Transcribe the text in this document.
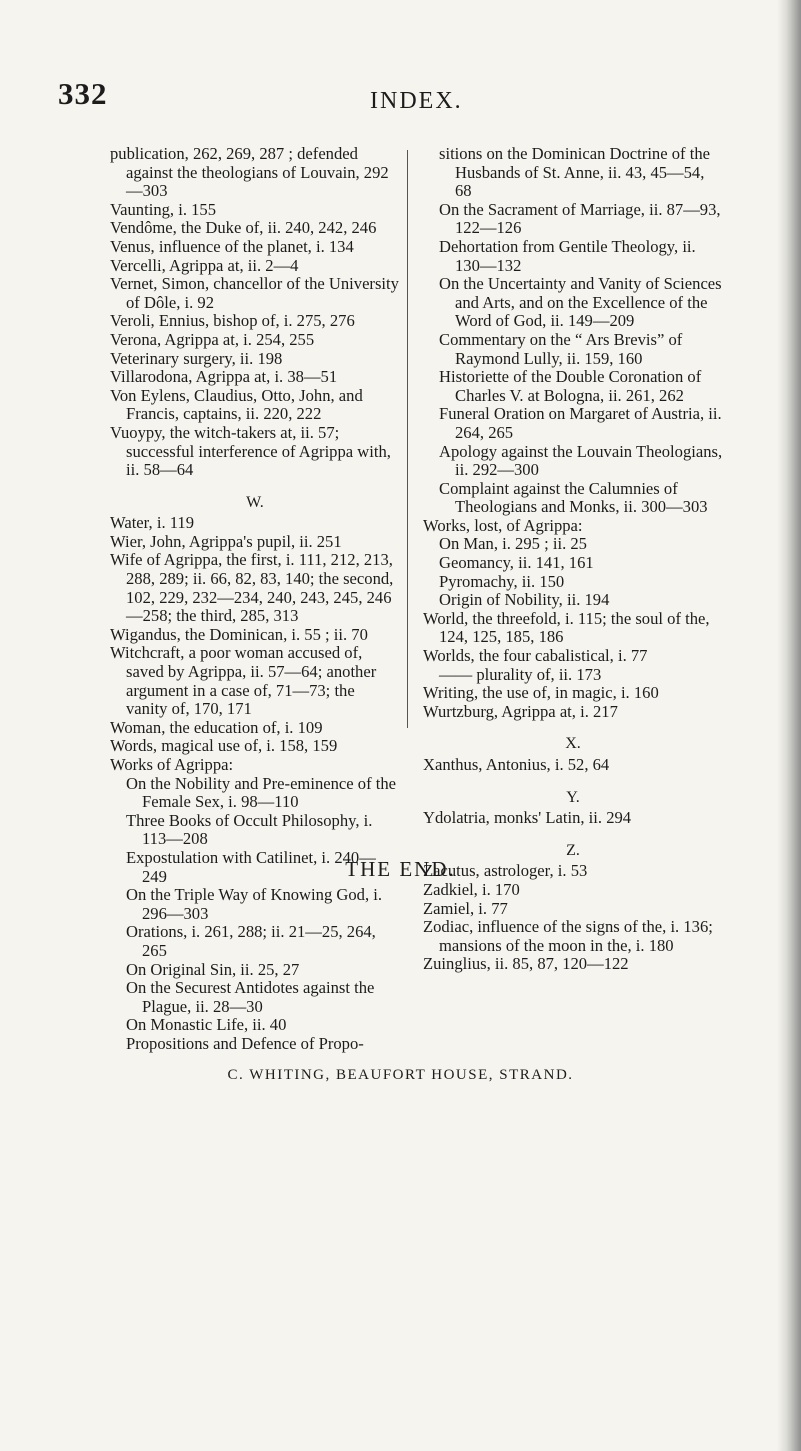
332	INDEX.
publication, 262, 269, 287 ; defended against the theologians of Louvain, 292—303
Vaunting, i. 155
Vendôme, the Duke of, ii. 240, 242, 246
Venus, influence of the planet, i. 134
Vercelli, Agrippa at, ii. 2—4
Vernet, Simon, chancellor of the University of Dôle, i. 92
Veroli, Ennius, bishop of, i. 275, 276
Verona, Agrippa at, i. 254, 255
Veterinary surgery, ii. 198
Villarodona, Agrippa at, i. 38—51
Von Eylens, Claudius, Otto, John, and Francis, captains, ii. 220, 222
Vuoypy, the witch-takers at, ii. 57; successful interference of Agrippa with, ii. 58—64
W.
Water, i. 119
Wier, John, Agrippa's pupil, ii. 251
Wife of Agrippa, the first, i. 111, 212, 213, 288, 289; ii. 66, 82, 83, 140; the second, 102, 229, 232—234, 240, 243, 245, 246—258; the third, 285, 313
Wigandus, the Dominican, i. 55 ; ii. 70
Witchcraft, a poor woman accused of, saved by Agrippa, ii. 57—64; another argument in a case of, 71—73; the vanity of, 170, 171
Woman, the education of, i. 109
Words, magical use of, i. 158, 159
Works of Agrippa:
On the Nobility and Pre-eminence of the Female Sex, i. 98—110
Three Books of Occult Philosophy, i. 113—208
Expostulation with Catilinet, i. 240—249
On the Triple Way of Knowing God, i. 296—303
Orations, i. 261, 288; ii. 21—25, 264, 265
On Original Sin, ii. 25, 27
On the Securest Antidotes against the Plague, ii. 28—30
On Monastic Life, ii. 40
Propositions and Defence of Propo-
sitions on the Dominican Doctrine of the Husbands of St. Anne, ii. 43, 45—54, 68
On the Sacrament of Marriage, ii. 87—93, 122—126
Dehortation from Gentile Theology, ii. 130—132
On the Uncertainty and Vanity of Sciences and Arts, and on the Excellence of the Word of God, ii. 149—209
Commentary on the “ Ars Brevis” of Raymond Lully, ii. 159, 160
Historiette of the Double Coronation of Charles V. at Bologna, ii. 261, 262
Funeral Oration on Margaret of Austria, ii. 264, 265
Apology against the Louvain Theologians, ii. 292—300
Complaint against the Calumnies of Theologians and Monks, ii. 300—303
Works, lost, of Agrippa:
On Man, i. 295 ; ii. 25
Geomancy, ii. 141, 161
Pyromachy, ii. 150
Origin of Nobility, ii. 194
World, the threefold, i. 115; the soul of the, 124, 125, 185, 186
Worlds, the four cabalistical, i. 77
—— plurality of, ii. 173
Writing, the use of, in magic, i. 160
Wurtzburg, Agrippa at, i. 217
X.
Xanthus, Antonius, i. 52, 64
Y.
Ydolatria, monks' Latin, ii. 294
Z.
Zacutus, astrologer, i. 53
Zadkiel, i. 170
Zamiel, i. 77
Zodiac, influence of the signs of the, i. 136; mansions of the moon in the, i. 180
Zuinglius, ii. 85, 87, 120—122
THE END.
C. WHITING, BEAUFORT HOUSE, STRAND.
